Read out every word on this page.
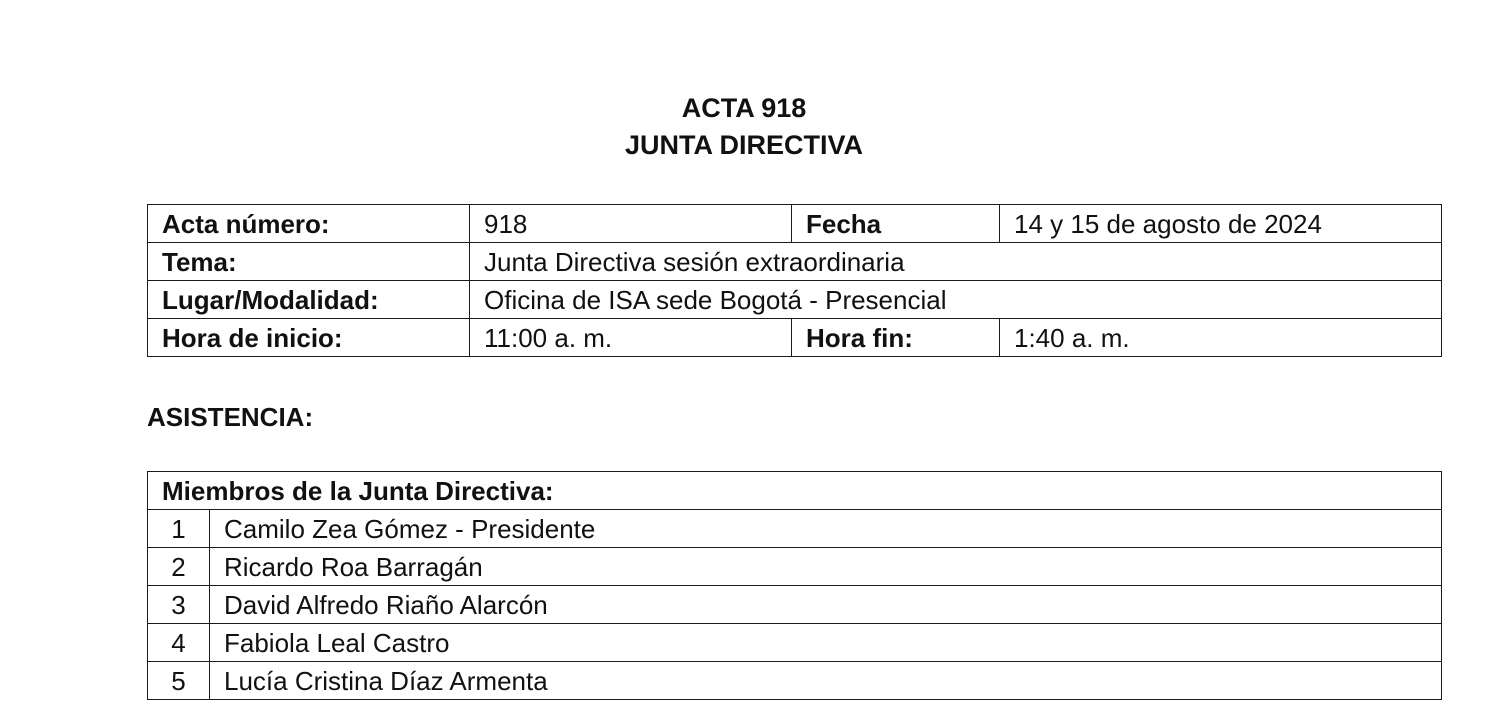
ACTA 918
JUNTA DIRECTIVA
Acta número:	918	Fecha	14 y 15 de agosto de 2024
Tema:	Junta Directiva sesión extraordinaria		
Lugar/Modalidad:	Oficina de ISA sede Bogotá - Presencial		
Hora de inicio:	11:00 a. m.	Hora fin:	1:40 a. m.
ASISTENCIA:
Miembros de la Junta Directiva:	
1	Camilo Zea Gómez - Presidente
2	Ricardo Roa Barragán
3	David Alfredo Riaño Alarcón
4	Fabiola Leal Castro
5	Lucía Cristina Díaz Armenta
